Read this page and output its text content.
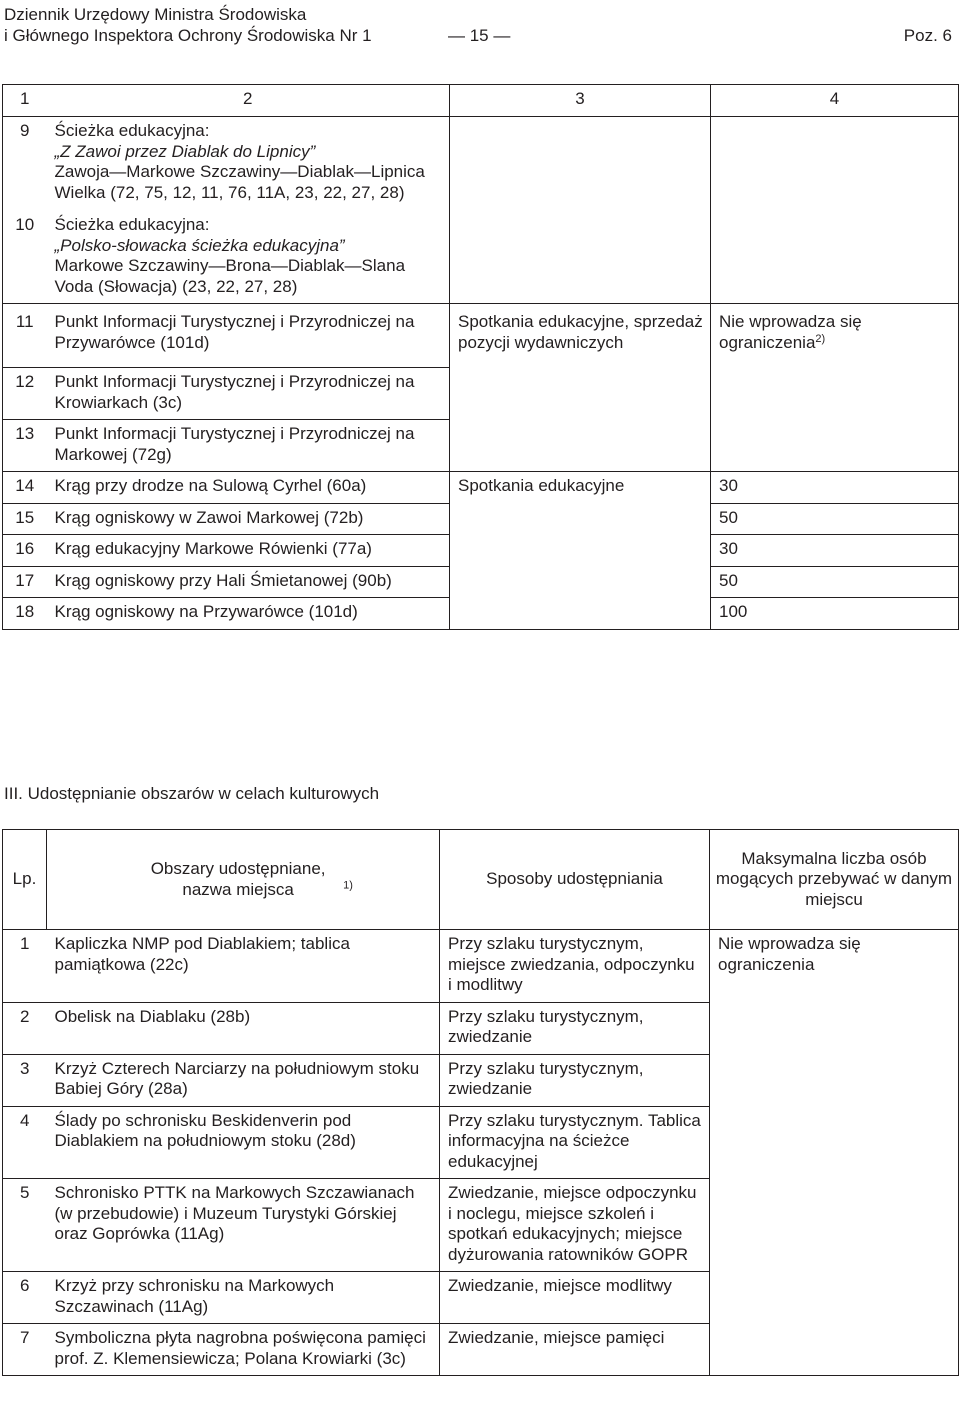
Dziennik Urzędowy Ministra Środowiska
i Głównego Inspektora Ochrony Środowiska Nr 1	— 15 —	Poz. 6
1	2	3	4
9	Ścieżka edukacyjna:
„Z Zawoi przez Diablak do Lipnicy”
Zawoja—Markowe Szczawiny—Diablak—Lipnica Wielka (72, 75, 12, 11, 76, 11A, 23, 22, 27, 28)		

10	Ścieżka edukacyjna:
„Polsko-słowacka ścieżka edukacyjna”
Markowe Szczawiny—Brona—Diablak—Slana Voda (Słowacja) (23, 22, 27, 28)		

11	Punkt Informacji Turystycznej i Przyrodniczej na Przywarówce (101d)	Spotkania edukacyjne, sprzedaż pozycji wydawniczych	Nie wprowadza się ograniczenia$^{2)}$
12	Punkt Informacji Turystycznej i Przyrodniczej na Krowiarkach (3c)		
13	Punkt Informacji Turystycznej i Przyrodniczej na Markowej (72g)		
14	Krąg przy drodze na Sulową Cyrhel (60a)	Spotkania edukacyjne	30
15	Krąg ogniskowy w Zawoi Markowej (72b)		50
16	Krąg edukacyjny Markowe Rówienki (77a)		30
17	Krąg ogniskowy przy Hali Śmietanowej (90b)		50
18	Krąg ogniskowy na Przywarówce (101d)		100
III. Udostępnianie obszarów w celach kulturowych
Lp.	Obszary udostępniane, nazwa miejsca $^{1)}$	Sposoby udostępniania	Maksymalna liczba osób mogących przebywać w danym miejscu
1	Kapliczka NMP pod Diablakiem; tablica pamiątkowa (22c)	Przy szlaku turystycznym, miejsce zwiedzania, odpoczynku i modlitwy	Nie wprowadza się ograniczenia
2	Obelisk na Diablaku (28b)	Przy szlaku turystycznym, zwiedzanie	
3	Krzyż Czterech Narciarzy na południowym stoku Babiej Góry (28a)	Przy szlaku turystycznym, zwiedzanie	
4	Ślady po schronisku Beskidenverin pod Diablakiem na południowym stoku (28d)	Przy szlaku turystycznym. Tablica informacyjna na ścieżce edukacyjnej	
5	Schronisko PTTK na Markowych Szczawianach (w przebudowie) i Muzeum Turystyki Górskiej oraz Goprówka (11Ag)	Zwiedzanie, miejsce odpoczynku i noclegu, miejsce szkoleń i spotkań edukacyjnych; miejsce dyżurowania ratowników GOPR	
6	Krzyż przy schronisku na Markowych Szczawinach (11Ag)	Zwiedzanie, miejsce modlitwy	
7	Symboliczna płyta nagrobna poświęcona pamięci prof. Z. Klemensiewicza; Polana Krowiarki (3c)	Zwiedzanie, miejsce pamięci	
